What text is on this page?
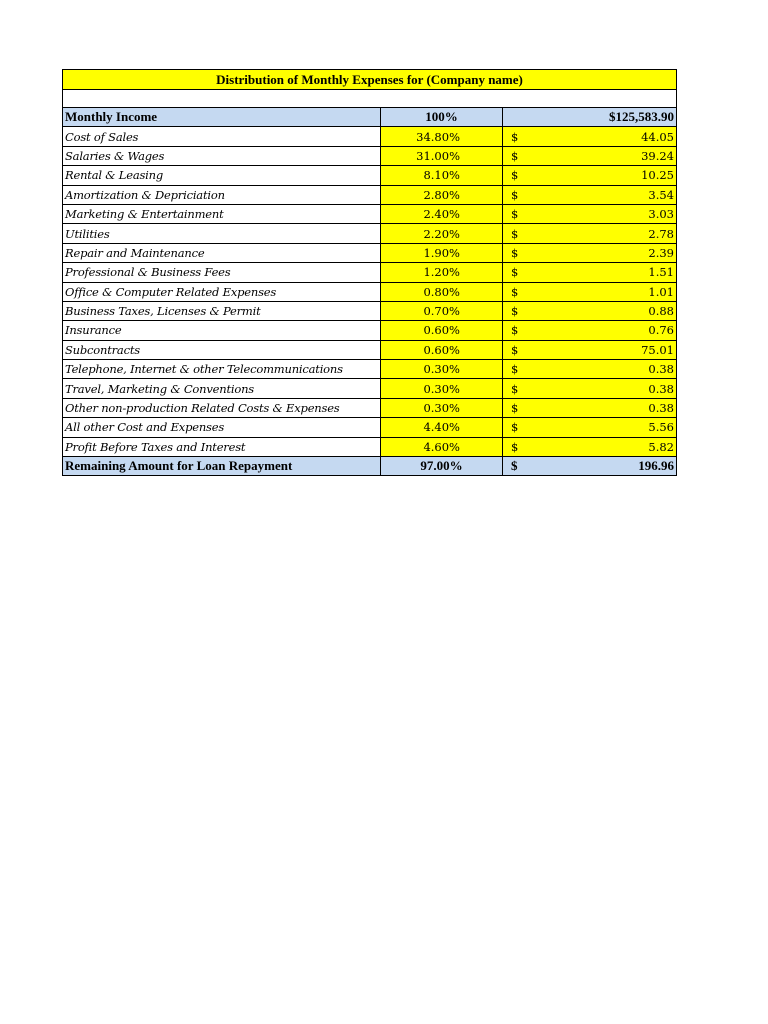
Distribution of Monthly Expenses for (Company name)		

Monthly Income	100%	$125,583.90
Cost of Sales	34.80%	$ 44.05

Salaries & Wages	31.00%	$ 39.24

Rental & Leasing	8.10%	$ 10.25

Amortization & Depriciation	2.80%	$ 3.54

Marketing & Entertainment	2.40%	$ 3.03

Utilities	2.20%	$ 2.78

Repair and Maintenance	1.90%	$ 2.39

Professional & Business Fees	1.20%	$ 1.51

Office & Computer Related Expenses	0.80%	$ 1.01

Business Taxes, Licenses & Permit	0.70%	$ 0.88

Insurance	0.60%	$ 0.76

Subcontracts	0.60%	$ 75.01

Telephone, Internet & other Telecommunications	0.30%	$ 0.38

Travel, Marketing & Conventions	0.30%	$ 0.38

Other non-production Related Costs & Expenses	0.30%	$ 0.38

All other Cost and Expenses	4.40%	$ 5.56

Profit Before Taxes and Interest	4.60%	$ 5.82

Remaining Amount for Loan Repayment	97.00%	$ 196.96
